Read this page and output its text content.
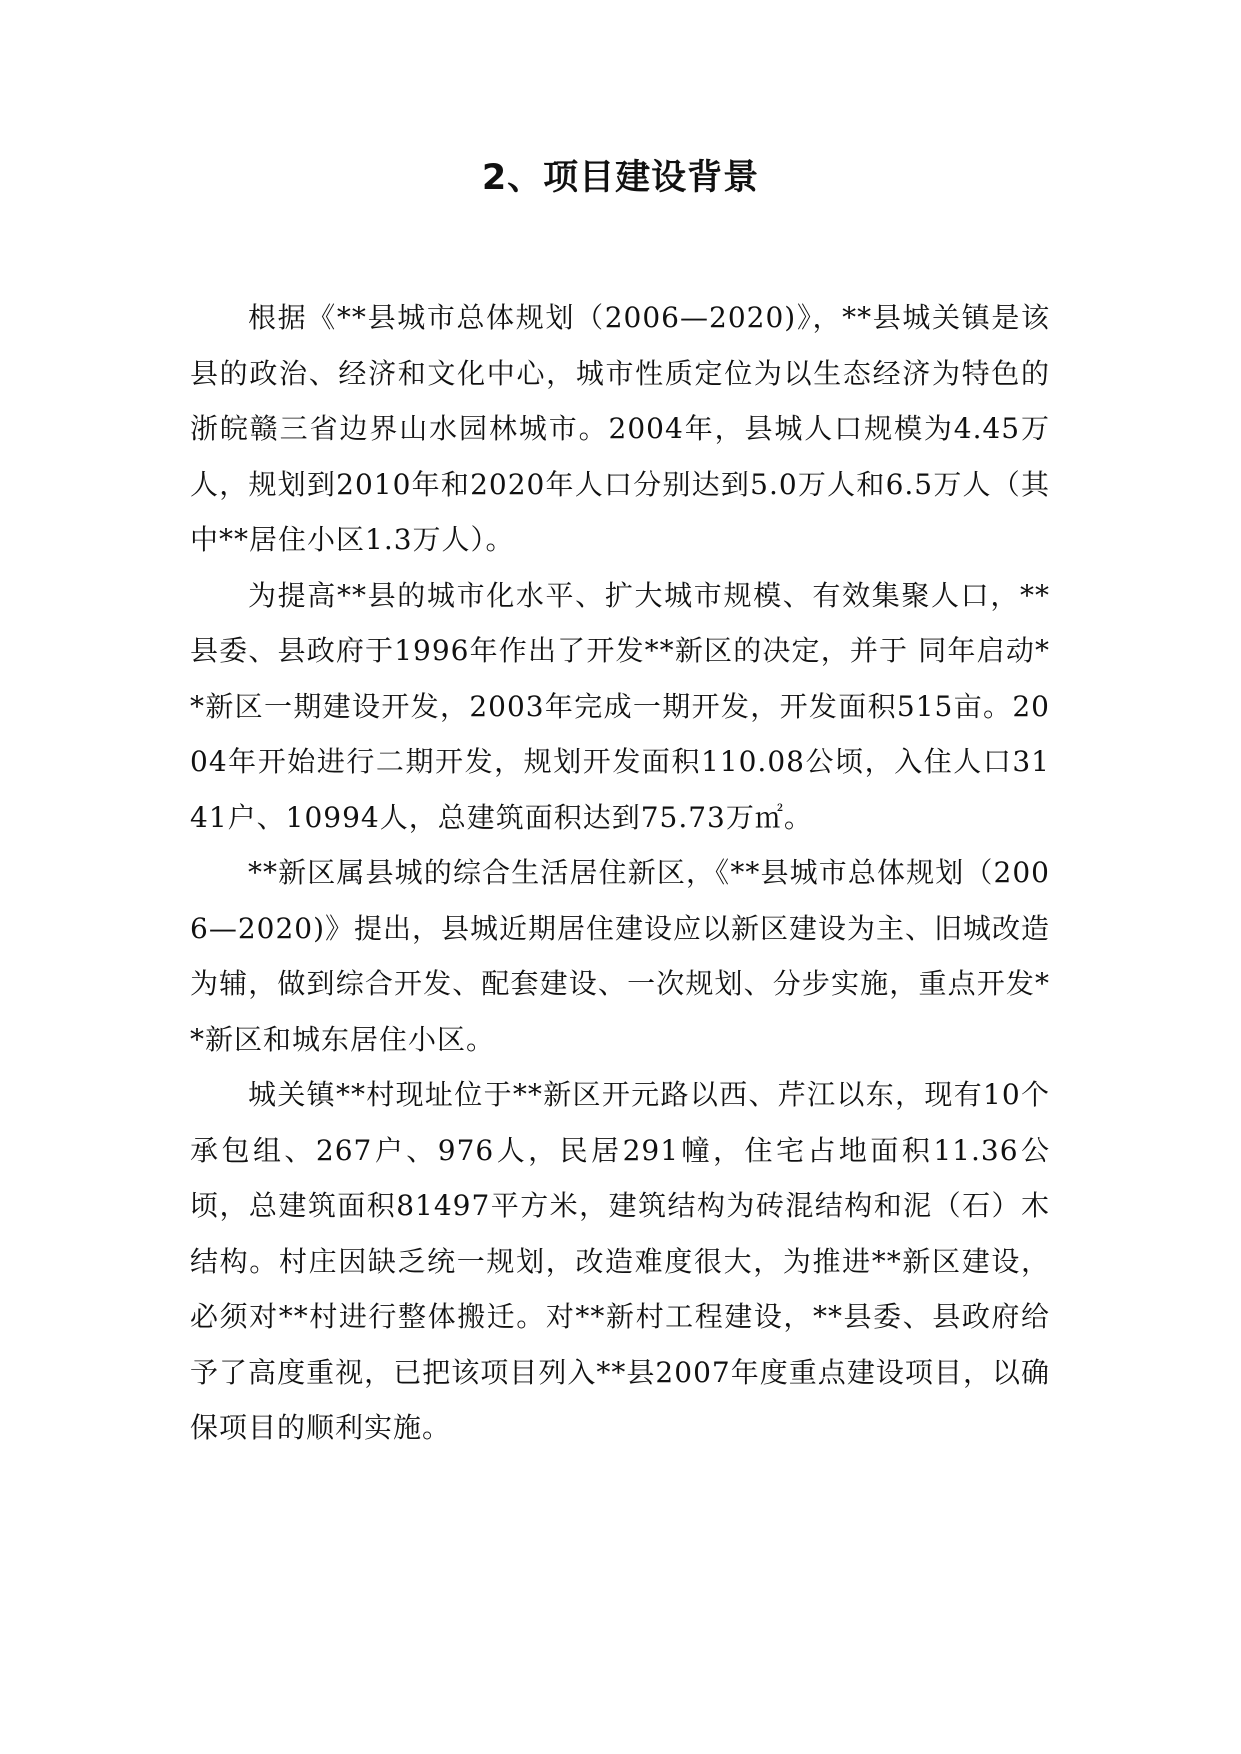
2、项目建设背景

根据《**县城市总体规划（2006—2020)》，**县城关镇是该县的政治、经济和文化中心，城市性质定位为以生态经济为特色的浙皖赣三省边界山水园林城市。2004年，县城人口规模为4.45万人，规划到2010年和2020年人口分别达到5.0万人和6.5万人（其中**居住小区1.3万人）。

为提高**县的城市化水平、扩大城市规模、有效集聚人口，**县委、县政府于1996年作出了开发**新区的决定，并于 同年启动**新区一期建设开发，2003年完成一期开发，开发面积515亩。2004年开始进行二期开发，规划开发面积110.08公顷，入住人口3141户、10994人，总建筑面积达到75.73万㎡。

**新区属县城的综合生活居住新区，《**县城市总体规划（2006—2020)》提出，县城近期居住建设应以新区建设为主、旧城改造为辅，做到综合开发、配套建设、一次规划、分步实施，重点开发**新区和城东居住小区。

城关镇**村现址位于**新区开元路以西、芹江以东，现有10个承包组、267户、976人，民居291幢，住宅占地面积11.36公顷，总建筑面积81497平方米，建筑结构为砖混结构和泥（石）木结构。村庄因缺乏统一规划，改造难度很大，为推进**新区建设，必须对**村进行整体搬迁。对**新村工程建设，**县委、县政府给予了高度重视，已把该项目列入**县2007年度重点建设项目，以确保项目的顺利实施。
